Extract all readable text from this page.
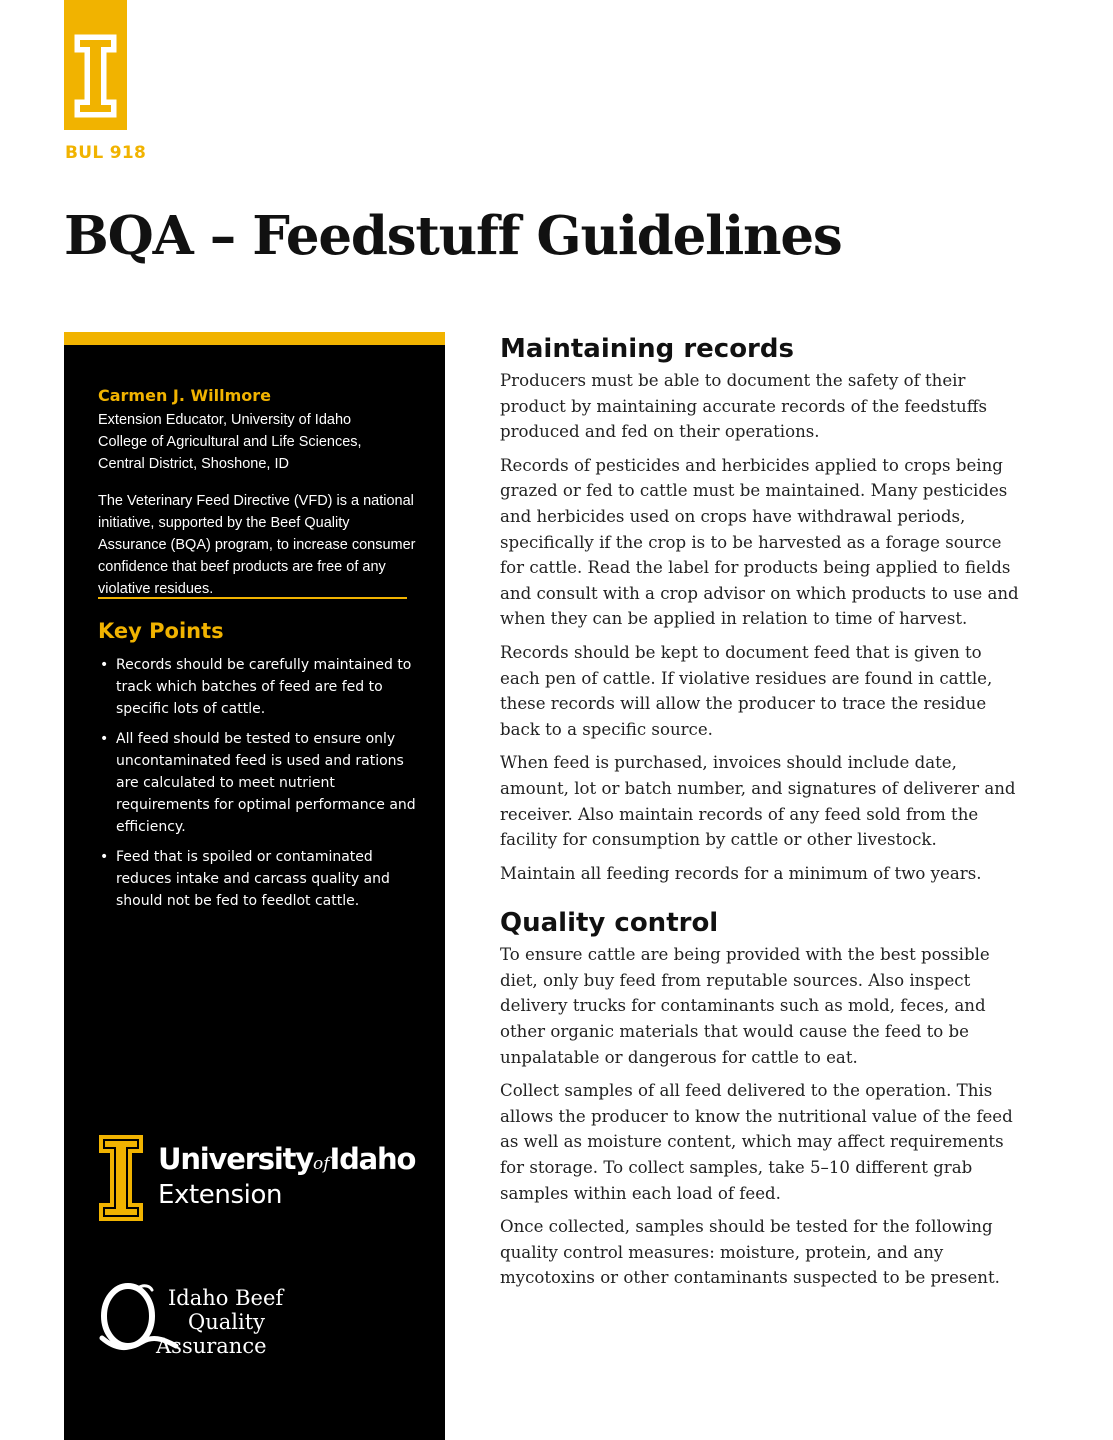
BUL 918
BQA – Feedstuff Guidelines
Carmen J. Willmore
Extension Educator, University of Idaho College of Agricultural and Life Sciences, Central District, Shoshone, ID
The Veterinary Feed Directive (VFD) is a national initiative, supported by the Beef Quality Assurance (BQA) program, to increase consumer confidence that beef products are free of any violative residues.
Key Points
• Records should be carefully maintained to track which batches of feed are fed to specific lots of cattle.
• All feed should be tested to ensure only uncontaminated feed is used and rations are calculated to meet nutrient requirements for optimal performance and efficiency.
• Feed that is spoiled or contaminated reduces intake and carcass quality and should not be fed to feedlot cattle.
UniversityofIdaho
Extension
Idaho Beef
Quality
Assurance
Maintaining records

Producers must be able to document the safety of their product by maintaining accurate records of the feedstuffs produced and fed on their operations.

Records of pesticides and herbicides applied to crops being grazed or fed to cattle must be maintained. Many pesticides and herbicides used on crops have withdrawal periods, specifically if the crop is to be harvested as a forage source for cattle. Read the label for products being applied to fields and consult with a crop advisor on which products to use and when they can be applied in relation to time of harvest.

Records should be kept to document feed that is given to each pen of cattle. If violative residues are found in cattle, these records will allow the producer to trace the residue back to a specific source.

When feed is purchased, invoices should include date, amount, lot or batch number, and signatures of deliverer and receiver. Also maintain records of any feed sold from the facility for consumption by cattle or other livestock.

Maintain all feeding records for a minimum of two years.

Quality control

To ensure cattle are being provided with the best possible diet, only buy feed from reputable sources. Also inspect delivery trucks for contaminants such as mold, feces, and other organic materials that would cause the feed to be unpalatable or dangerous for cattle to eat.

Collect samples of all feed delivered to the operation. This allows the producer to know the nutritional value of the feed as well as moisture content, which may affect requirements for storage. To collect samples, take 5–10 different grab samples within each load of feed.

Once collected, samples should be tested for the following quality control measures: moisture, protein, and any mycotoxins or other contaminants suspected to be present.
